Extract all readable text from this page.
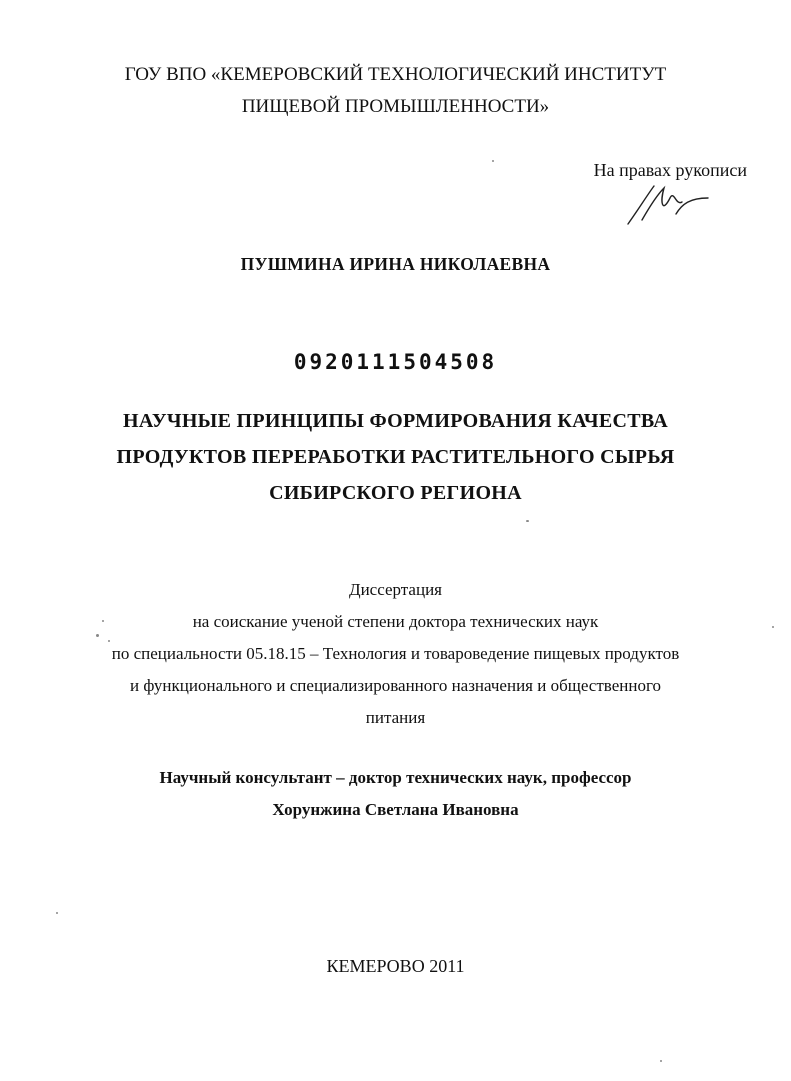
ГОУ ВПО «КЕМЕРОВСКИЙ ТЕХНОЛОГИЧЕСКИЙ ИНСТИТУТ
ПИЩЕВОЙ ПРОМЫШЛЕННОСТИ»
На правах рукописи
ПУШМИНА ИРИНА НИКОЛАЕВНА
0920111504508
НАУЧНЫЕ ПРИНЦИПЫ ФОРМИРОВАНИЯ КАЧЕСТВА
ПРОДУКТОВ ПЕРЕРАБОТКИ РАСТИТЕЛЬНОГО СЫРЬЯ
СИБИРСКОГО РЕГИОНА
Диссертация
на соискание ученой степени доктора технических наук
по специальности 05.18.15 – Технология и товароведение пищевых продуктов
и функционального и специализированного назначения и общественного
питания
Научный консультант – доктор технических наук, профессор
Хорунжина Светлана Ивановна
КЕМЕРОВО 2011
